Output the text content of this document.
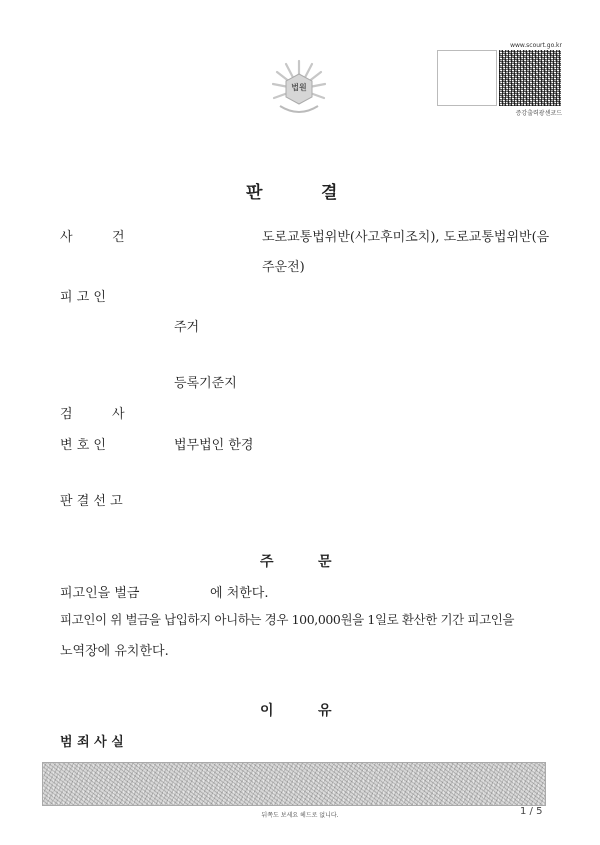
법원
www.scourt.go.kr
증강출력광센코드
판	결
사	건	도로교통법위반(사고후미조치), 도로교통법위반(음
주운전)
피 고 인
주거
등록기준지
검	사
변 호 인	법무법인 한경
판 결 선 고
주	문
피고인을 벌금	에 처한다.
피고인이 위 벌금을 납입하지 아니하는 경우 100,000원을 1일로 환산한 기간 피고인을
노역장에 유치한다.
이	유
범 죄 사 실
뒤쪽도 보세요 헤드로 없니다.	1 / 5
